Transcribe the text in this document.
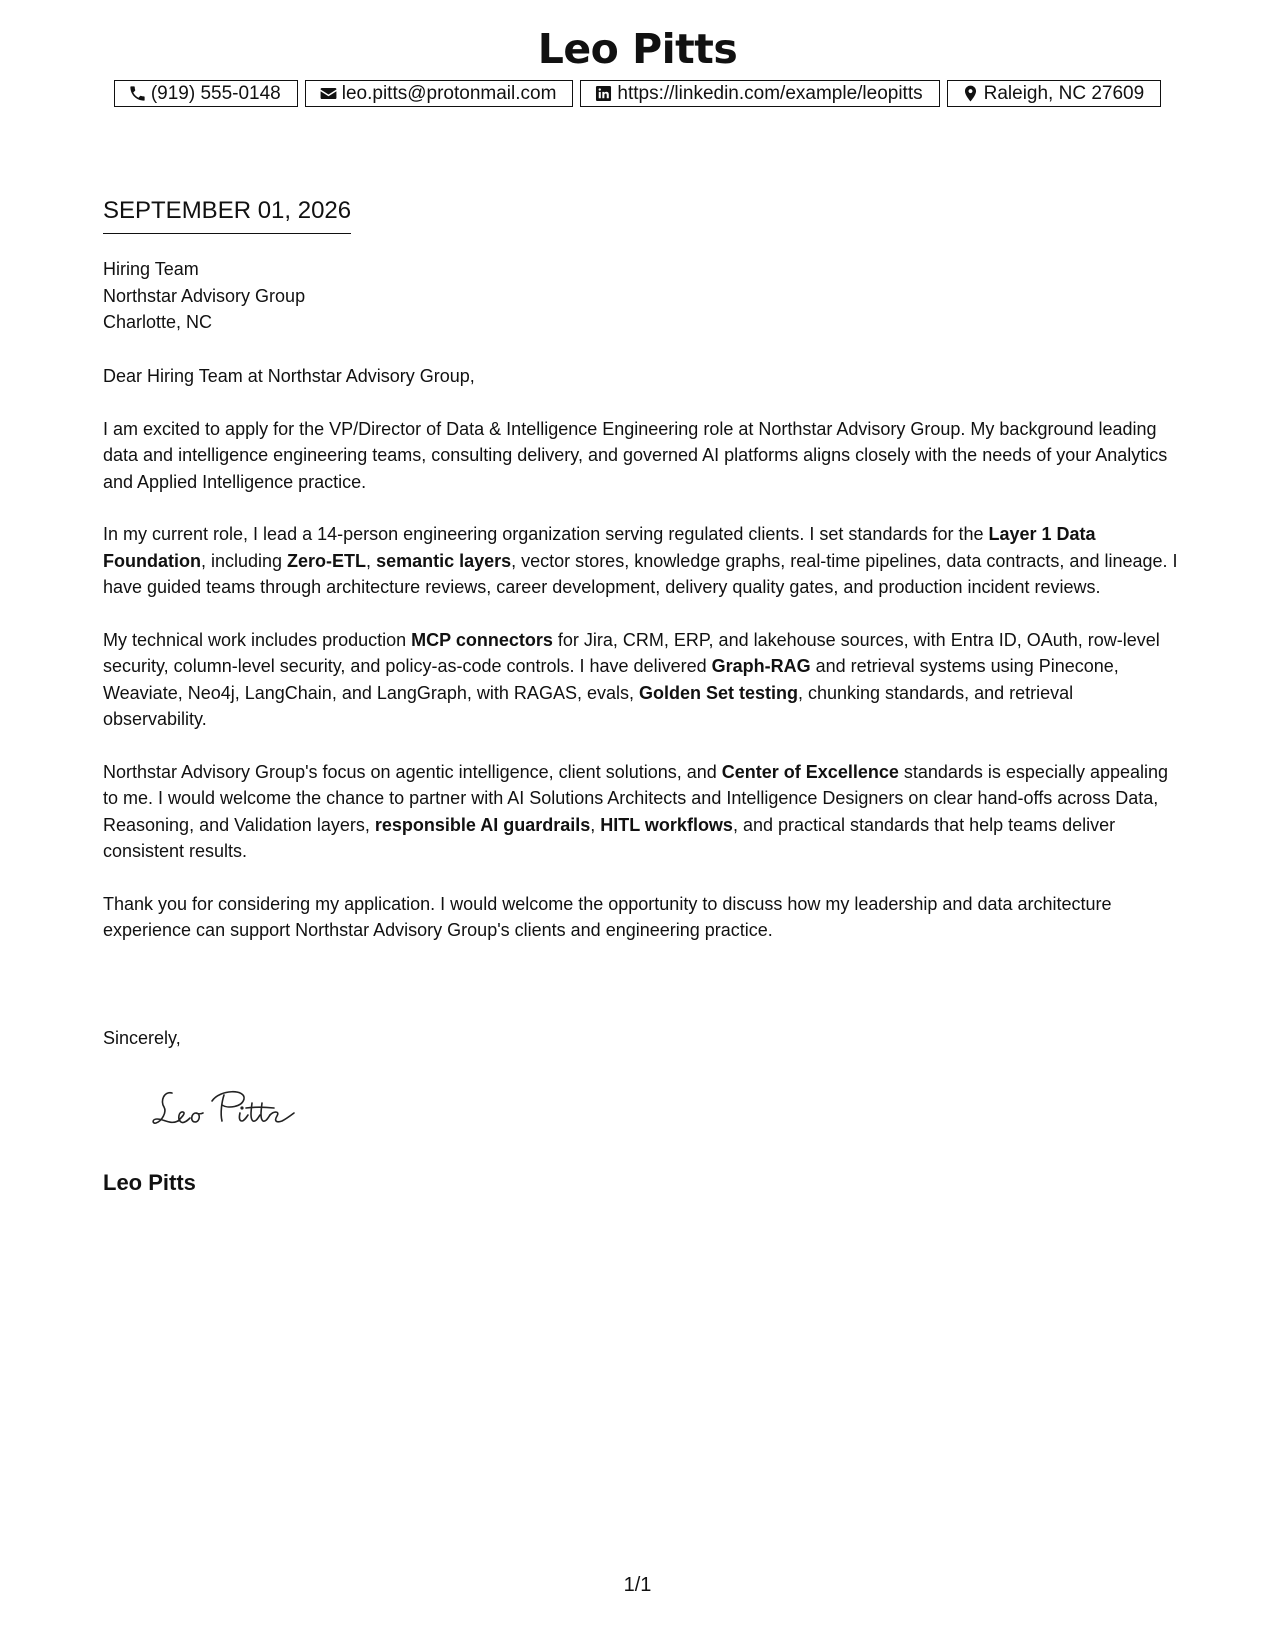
Leo Pitts
(919) 555-0148	leo.pitts@protonmail.com	https://linkedin.com/example/leopitts	Raleigh, NC 27609
SEPTEMBER 01, 2026
Hiring Team
Northstar Advisory Group
Charlotte, NC

Dear Hiring Team at Northstar Advisory Group,

I am excited to apply for the VP/Director of Data & Intelligence Engineering role at Northstar Advisory Group. My background leading data and intelligence engineering teams, consulting delivery, and governed AI platforms aligns closely with the needs of your Analytics and Applied Intelligence practice.

In my current role, I lead a 14-person engineering organization serving regulated clients. I set standards for the Layer 1 Data Foundation, including Zero-ETL, semantic layers, vector stores, knowledge graphs, real-time pipelines, data contracts, and lineage. I have guided teams through architecture reviews, career development, delivery quality gates, and production incident reviews.

My technical work includes production MCP connectors for Jira, CRM, ERP, and lakehouse sources, with Entra ID, OAuth, row-level security, column-level security, and policy-as-code controls. I have delivered Graph-RAG and retrieval systems using Pinecone, Weaviate, Neo4j, LangChain, and LangGraph, with RAGAS, evals, Golden Set testing, chunking standards, and retrieval observability.

Northstar Advisory Group's focus on agentic intelligence, client solutions, and Center of Excellence standards is especially appealing to me. I would welcome the chance to partner with AI Solutions Architects and Intelligence Designers on clear hand-offs across Data, Reasoning, and Validation layers, responsible AI guardrails, HITL workflows, and practical standards that help teams deliver consistent results.

Thank you for considering my application. I would welcome the opportunity to discuss how my leadership and data architecture experience can support Northstar Advisory Group's clients and engineering practice.

Sincerely,
Leo Pitts
1/1
